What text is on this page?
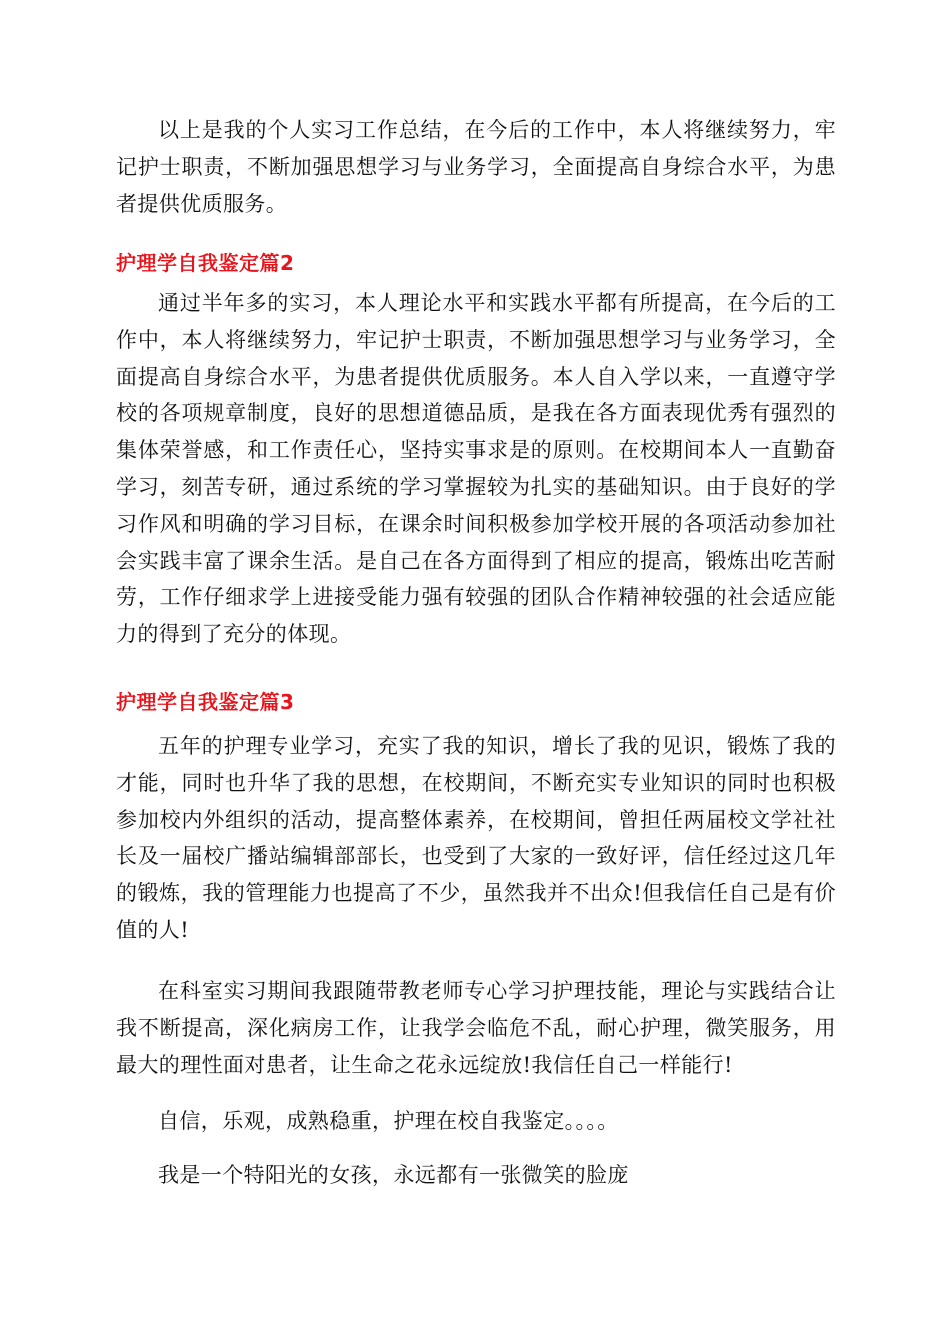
以上是我的个人实习工作总结，在今后的工作中，本人将继续努力，牢记护士职责，不断加强思想学习与业务学习，全面提高自身综合水平，为患者提供优质服务。

护理学自我鉴定篇2

通过半年多的实习，本人理论水平和实践水平都有所提高，在今后的工作中，本人将继续努力，牢记护士职责，不断加强思想学习与业务学习，全面提高自身综合水平，为患者提供优质服务。本人自入学以来，一直遵守学校的各项规章制度，良好的思想道德品质，是我在各方面表现优秀有强烈的集体荣誉感，和工作责任心，坚持实事求是的原则。在校期间本人一直勤奋学习，刻苦专研，通过系统的学习掌握较为扎实的基础知识。由于良好的学习作风和明确的学习目标，在课余时间积极参加学校开展的各项活动参加社会实践丰富了课余生活。是自己在各方面得到了相应的提高，锻炼出吃苦耐劳，工作仔细求学上进接受能力强有较强的团队合作精神较强的社会适应能力的得到了充分的体现。

护理学自我鉴定篇3

五年的护理专业学习，充实了我的知识，增长了我的见识，锻炼了我的才能，同时也升华了我的思想，在校期间，不断充实专业知识的同时也积极参加校内外组织的活动，提高整体素养，在校期间，曾担任两届校文学社社长及一届校广播站编辑部部长，也受到了大家的一致好评，信任经过这几年的锻炼，我的管理能力也提高了不少，虽然我并不出众!但我信任自己是有价值的人!

在科室实习期间我跟随带教老师专心学习护理技能，理论与实践结合让我不断提高，深化病房工作，让我学会临危不乱，耐心护理，微笑服务，用最大的理性面对患者，让生命之花永远绽放!我信任自己一样能行!

自信，乐观，成熟稳重，护理在校自我鉴定。。。。

我是一个特阳光的女孩，永远都有一张微笑的脸庞
